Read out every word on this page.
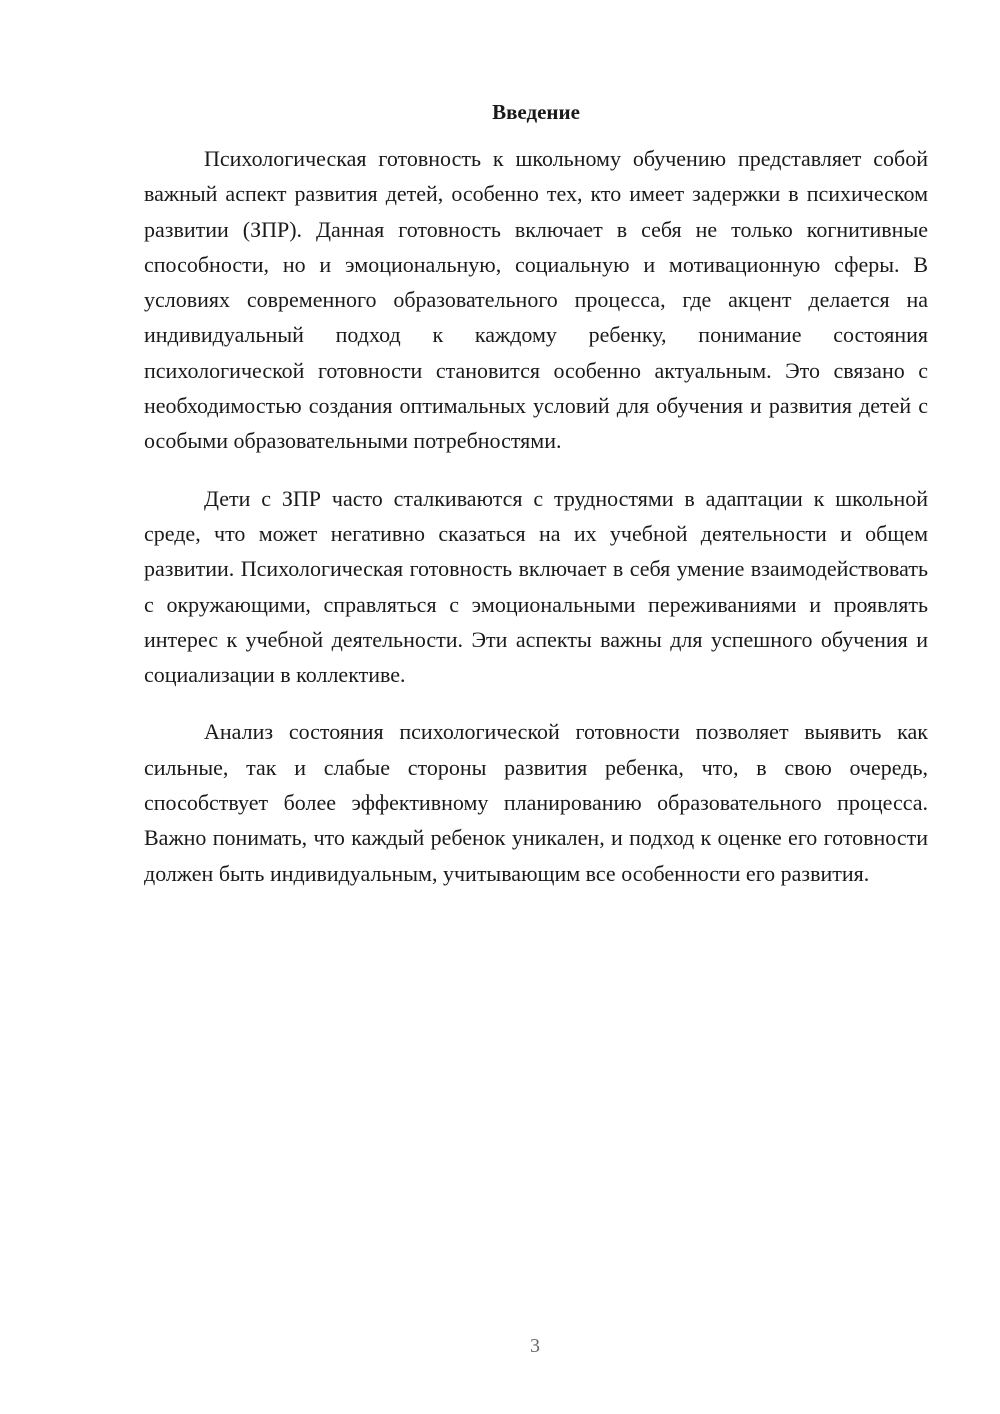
Введение

Психологическая готовность к школьному обучению представляет собой важный аспект развития детей, особенно тех, кто имеет задержки в психическом развитии (ЗПР). Данная готовность включает в себя не только когнитивные способности, но и эмоциональную, социальную и мотивационную сферы. В условиях современного образовательного процесса, где акцент делается на индивидуальный подход к каждому ребенку, понимание состояния психологической готовности становится особенно актуальным. Это связано с необходимостью создания оптимальных условий для обучения и развития детей с особыми образовательными потребностями.

Дети с ЗПР часто сталкиваются с трудностями в адаптации к школьной среде, что может негативно сказаться на их учебной деятельности и общем развитии. Психологическая готовность включает в себя умение взаимодействовать с окружающими, справляться с эмоциональными переживаниями и проявлять интерес к учебной деятельности. Эти аспекты важны для успешного обучения и социализации в коллективе.

Анализ состояния психологической готовности позволяет выявить как сильные, так и слабые стороны развития ребенка, что, в свою очередь, способствует более эффективному планированию образовательного процесса. Важно понимать, что каждый ребенок уникален, и подход к оценке его готовности должен быть индивидуальным, учитывающим все особенности его развития.

3
